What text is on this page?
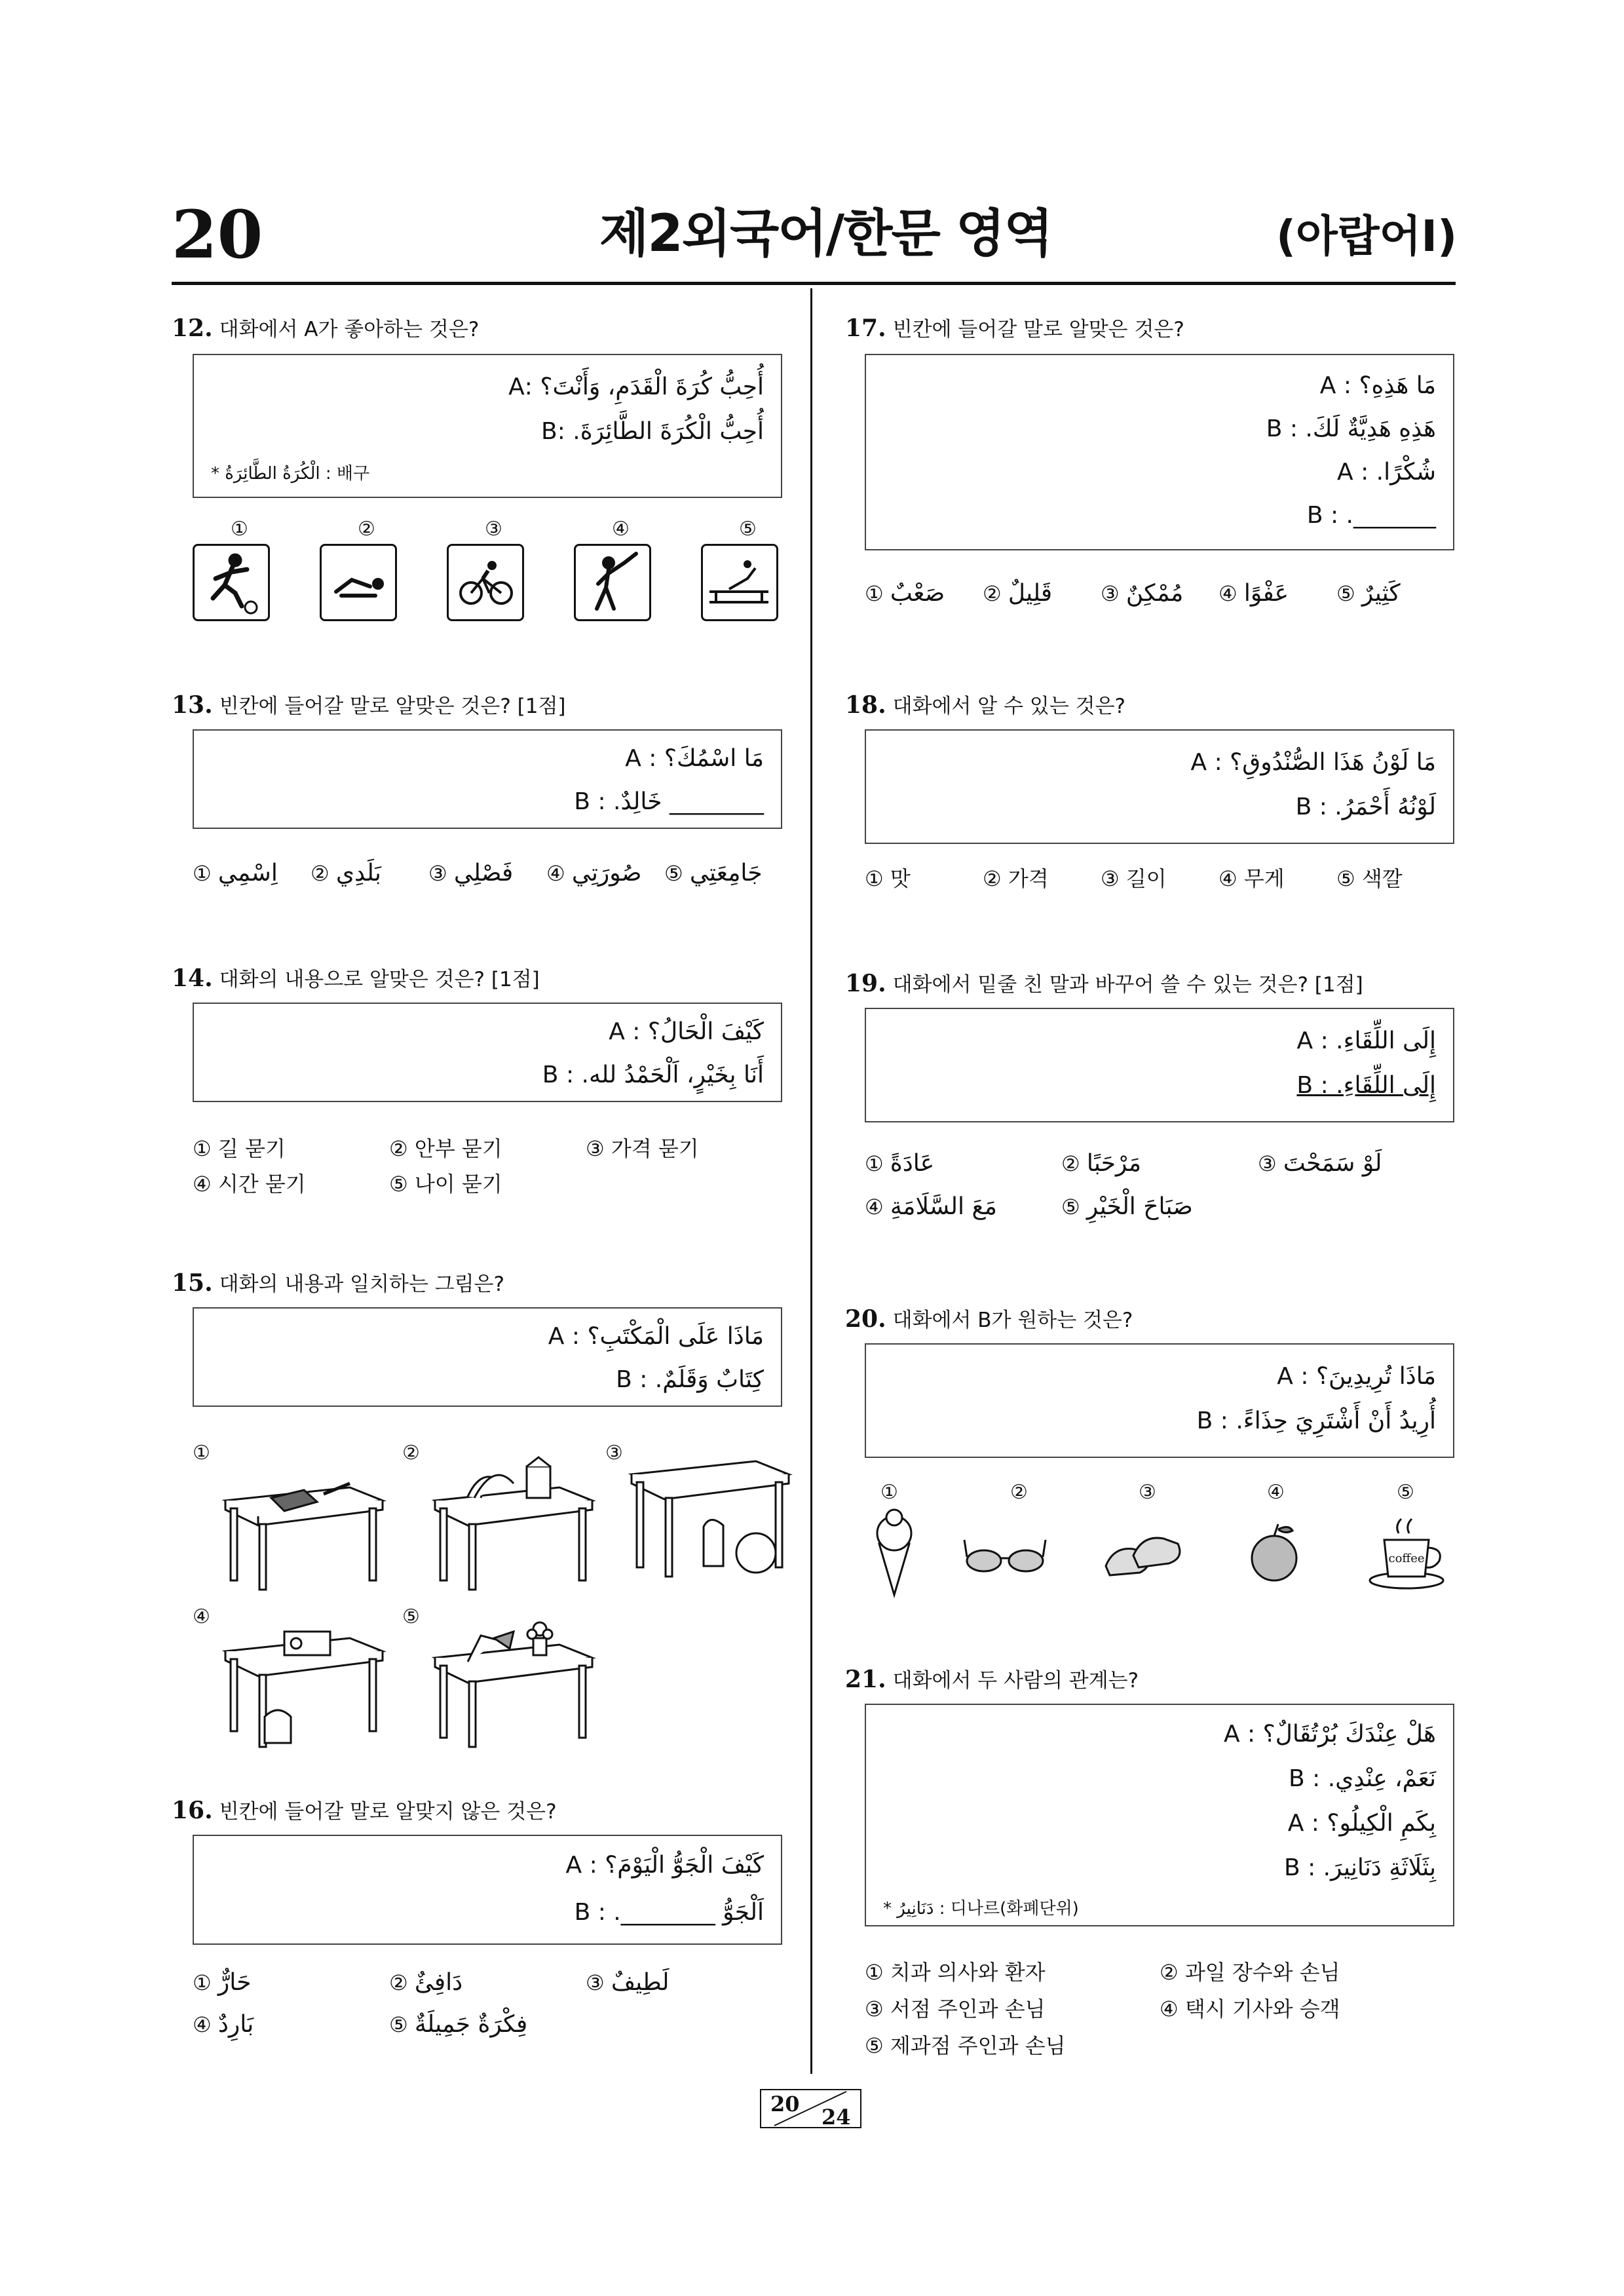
20	제2외국어/한문 영역	(아랍어Ⅰ)
12. 대화에서 A가 좋아하는 것은?
أُحِبُّ كُرَةَ الْقَدَمِ، وَأَنْتَ؟ :A
أُحِبُّ الْكُرَةَ الطَّائِرَةَ. :B
* الْكُرَةُ الطَّائِرَةُ : 배구
①	②	③	④	⑤
13. 빈칸에 들어갈 말로 알맞은 것은? [1점]
مَا اسْمُكَ؟ : A
________ خَالِدٌ. : B
① اِسْمِي ② بَلَدِي ③ فَصْلِي ④ صُورَتِي ⑤ جَامِعَتِي
14. 대화의 내용으로 알맞은 것은? [1점]
كَيْفَ الْحَالُ؟ : A
أَنَا بِخَيْرٍ، اَلْحَمْدُ لله. : B
① 길 묻기	② 안부 묻기	③ 가격 묻기
④ 시간 묻기	⑤ 나이 묻기
15. 대화의 내용과 일치하는 그림은?
مَاذَا عَلَى الْمَكْتَبِ؟ : A
كِتَابٌ وَقَلَمٌ. : B
①	②	③
④	⑤
16. 빈칸에 들어갈 말로 알맞지 않은 것은?
كَيْفَ الْجَوُّ الْيَوْمَ؟ : A
اَلْجَوُّ ________. : B
① حَارٌّ	② دَافِئٌ	③ لَطِيفٌ
④ بَارِدٌ	⑤ فِكْرَةٌ جَمِيلَةٌ
17. 빈칸에 들어갈 말로 알맞은 것은?
مَا هَذِهِ؟ : A
هَذِهِ هَدِيَّةٌ لَكَ. : B
شُكْرًا. : A
_______. : B
① صَعْبٌ ② قَلِيلٌ ③ مُمْكِنٌ ④ عَفْوًا ⑤ كَثِيرٌ
18. 대화에서 알 수 있는 것은?
مَا لَوْنُ هَذَا الصُّنْدُوقِ؟ : A
لَوْنُهُ أَحْمَرُ. : B
① 맛	② 가격 ③ 길이 ④ 무게 ⑤ 색깔
19. 대화에서 밑줄 친 말과 바꾸어 쓸 수 있는 것은? [1점]
إِلَى اللِّقَاءِ. : A
إِلَى اللِّقَاءِ. : B
① عَادَةً	② مَرْحَبًا	③ لَوْ سَمَحْتَ
④ مَعَ السَّلَامَةِ	⑤ صَبَاحَ الْخَيْرِ
20. 대화에서 B가 원하는 것은?
مَاذَا تُرِيدِينَ؟ : A
أُرِيدُ أَنْ أَشْتَرِيَ حِذَاءً. : B
①	②	③	④	⑤
coffee
21. 대화에서 두 사람의 관계는?
هَلْ عِنْدَكَ بُرْتُقَالٌ؟ : A
نَعَمْ، عِنْدِي. : B
بِكَمِ الْكِيلُو؟ : A
بِثَلَاثَةِ دَنَانِيرَ. : B
* دَنَانِيرُ : 디나르(화폐단위)
① 치과 의사와 환자	② 과일 장수와 손님
③ 서점 주인과 손님	④ 택시 기사와 승객
⑤ 제과점 주인과 손님
20
24
